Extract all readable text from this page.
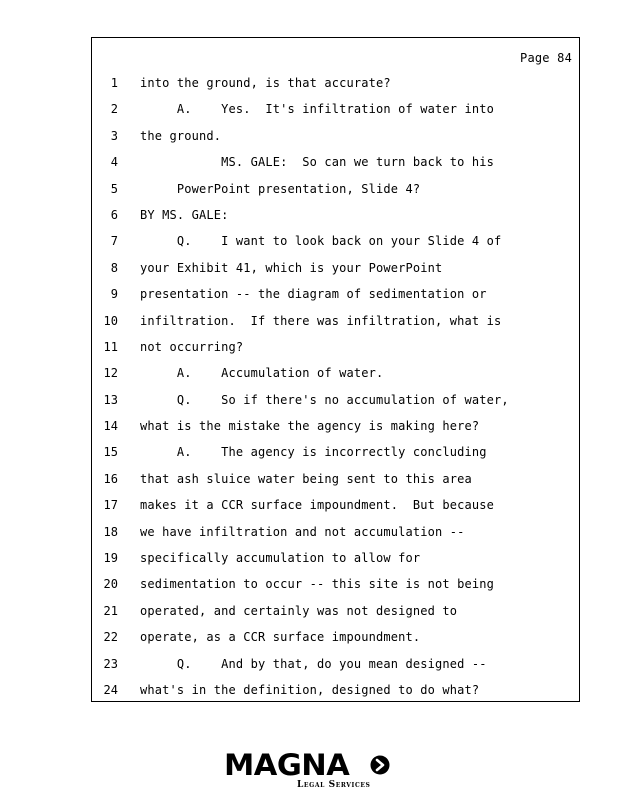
Page 84
1 into the ground, is that accurate?
2 A.    Yes.  It's infiltration of water into
3 the ground.
4 MS. GALE:  So can we turn back to his
5 PowerPoint presentation, Slide 4?
6 BY MS. GALE:
7 Q.    I want to look back on your Slide 4 of
8 your Exhibit 41, which is your PowerPoint
9 presentation -- the diagram of sedimentation or
10 infiltration.  If there was infiltration, what is
11 not occurring?
12 A.    Accumulation of water.
13 Q.    So if there's no accumulation of water,
14 what is the mistake the agency is making here?
15 A.    The agency is incorrectly concluding
16 that ash sluice water being sent to this area
17 makes it a CCR surface impoundment.  But because
18 we have infiltration and not accumulation --
19 specifically accumulation to allow for
20 sedimentation to occur -- this site is not being
21 operated, and certainly was not designed to
22 operate, as a CCR surface impoundment.
23 Q.    And by that, do you mean designed --
24 what's in the definition, designed to do what?
MAGNA
Legal Services
